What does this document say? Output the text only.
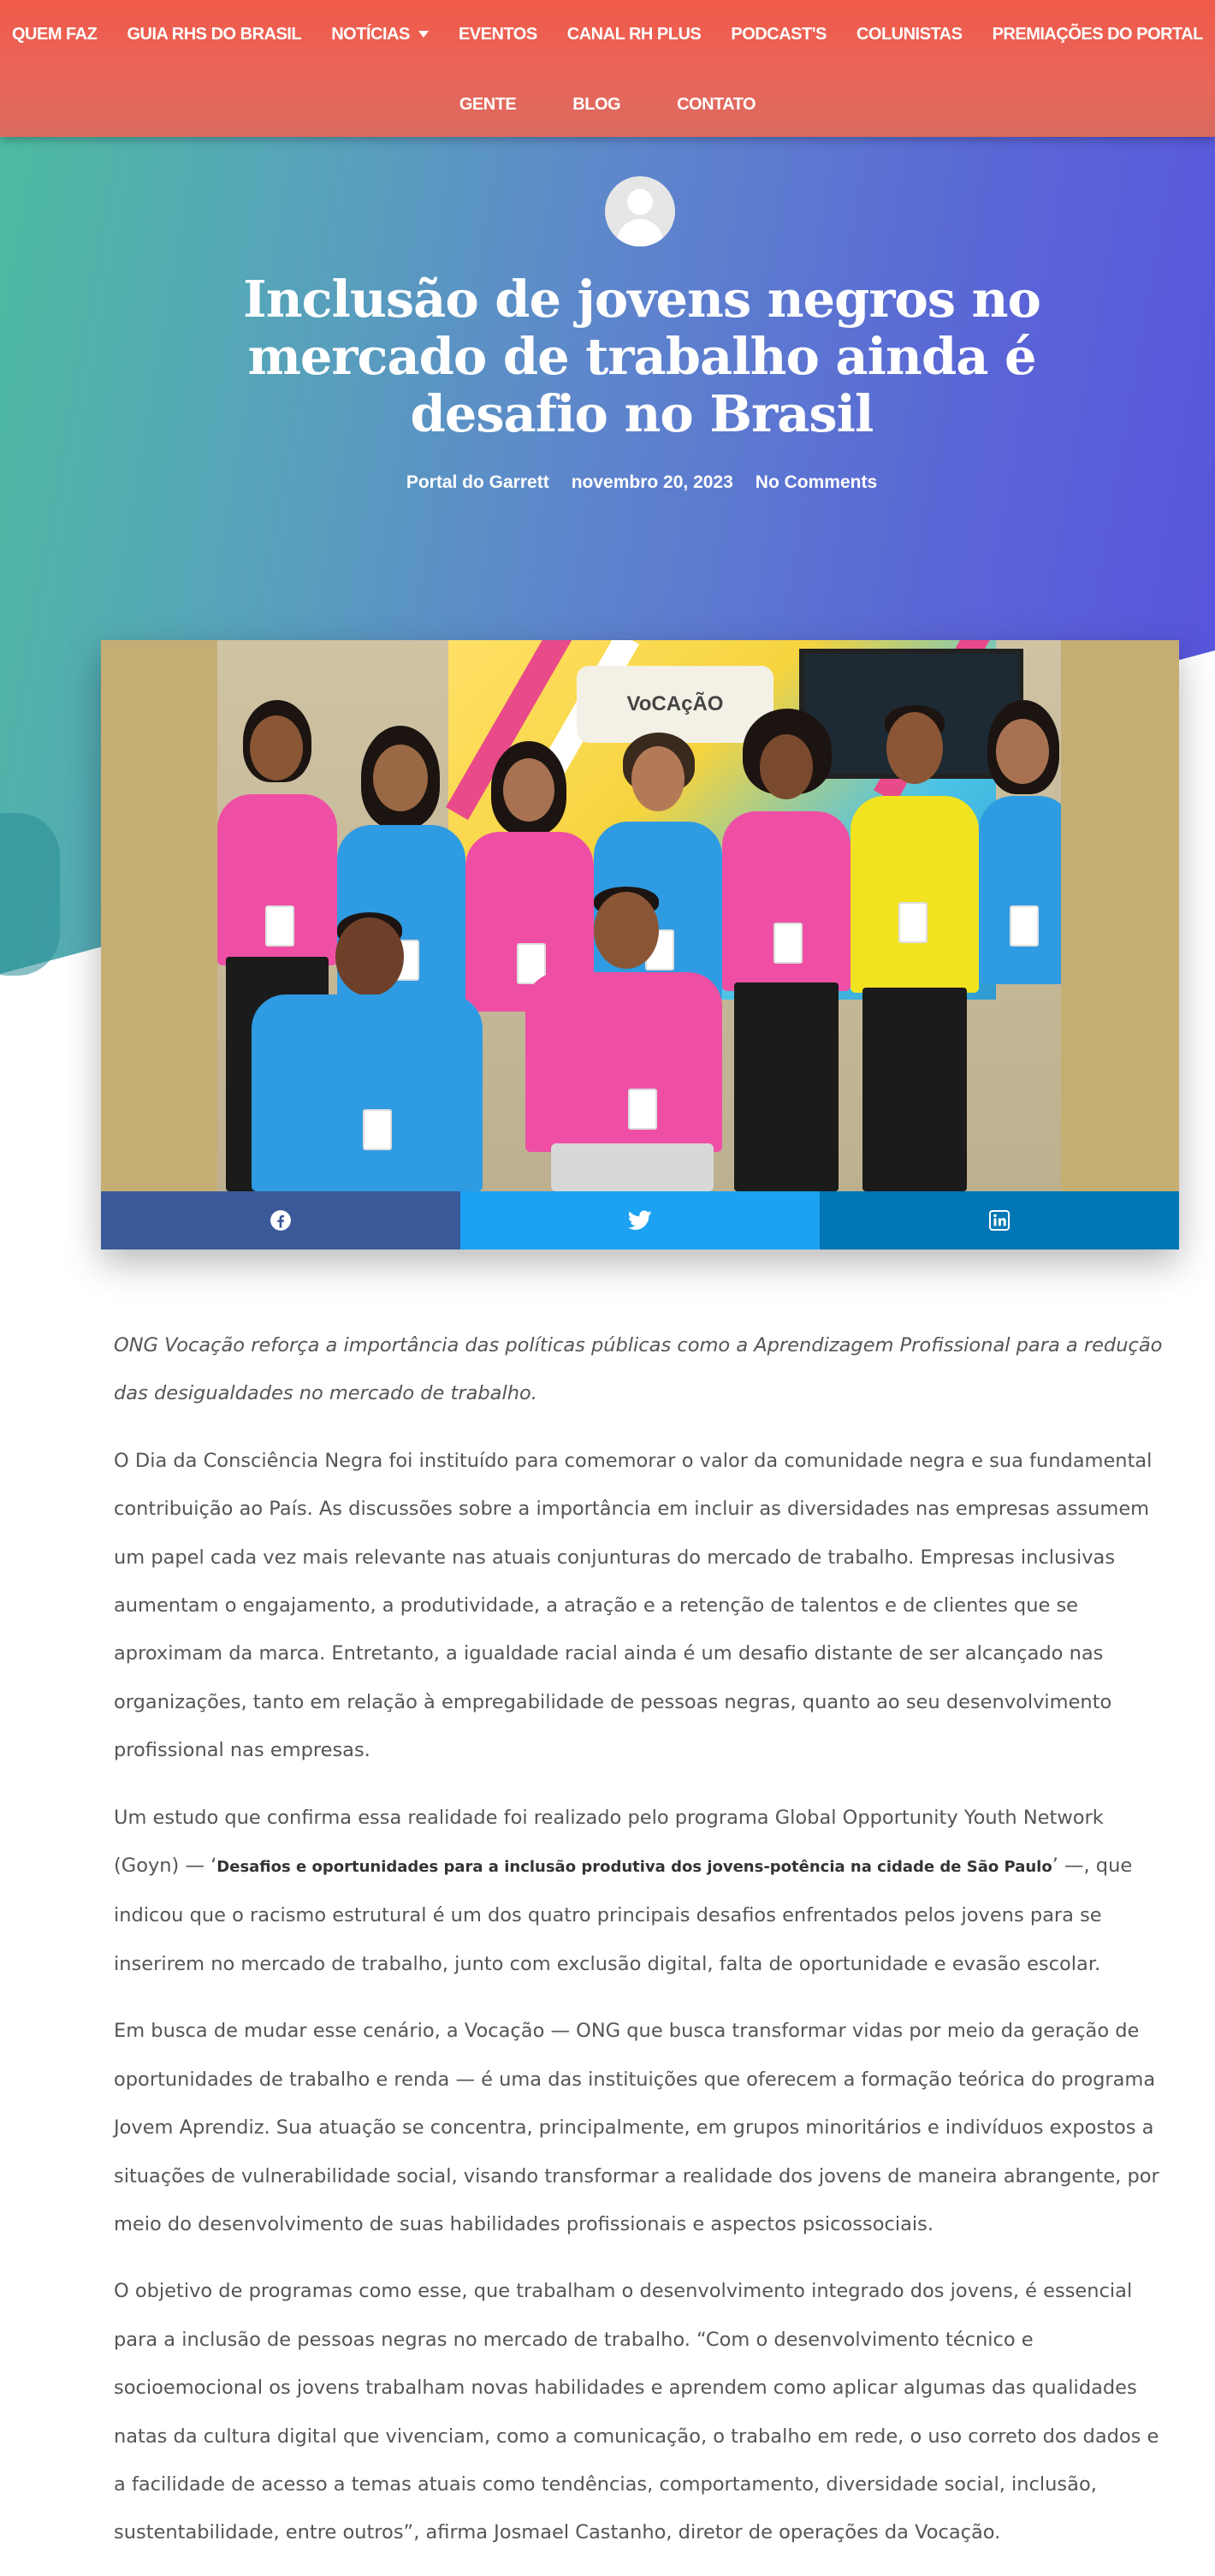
QUEM FAZ	GUIA RHS DO BRASIL	NOTÍCIAS	EVENTOS	CANAL RH PLUS	PODCAST'S	COLUNISTAS	PREMIAÇÕES DO PORTAL
GENTE	BLOG	CONTATO
Inclusão de jovens negros no mercado de trabalho ainda é desafio no Brasil
Portal do Garrett novembro 20, 2023 No Comments
VoCAçÃO

ONG Vocação reforça a importância das políticas públicas como a Aprendizagem Profissional para a redução das desigualdades no mercado de trabalho.

O Dia da Consciência Negra foi instituído para comemorar o valor da comunidade negra e sua fundamental contribuição ao País. As discussões sobre a importância em incluir as diversidades nas empresas assumem um papel cada vez mais relevante nas atuais conjunturas do mercado de trabalho. Empresas inclusivas aumentam o engajamento, a produtividade, a atração e a retenção de talentos e de clientes que se aproximam da marca. Entretanto, a igualdade racial ainda é um desafio distante de ser alcançado nas organizações, tanto em relação à empregabilidade de pessoas negras, quanto ao seu desenvolvimento profissional nas empresas.

Um estudo que confirma essa realidade foi realizado pelo programa Global Opportunity Youth Network (Goyn) — ‘Desafios e oportunidades para a inclusão produtiva dos jovens-potência na cidade de São Paulo’ —, que indicou que o racismo estrutural é um dos quatro principais desafios enfrentados pelos jovens para se inserirem no mercado de trabalho, junto com exclusão digital, falta de oportunidade e evasão escolar.

Em busca de mudar esse cenário, a Vocação — ONG que busca transformar vidas por meio da geração de oportunidades de trabalho e renda — é uma das instituições que oferecem a formação teórica do programa Jovem Aprendiz. Sua atuação se concentra, principalmente, em grupos minoritários e indivíduos expostos a situações de vulnerabilidade social, visando transformar a realidade dos jovens de maneira abrangente, por meio do desenvolvimento de suas habilidades profissionais e aspectos psicossociais.

O objetivo de programas como esse, que trabalham o desenvolvimento integrado dos jovens, é essencial para a inclusão de pessoas negras no mercado de trabalho. “Com o desenvolvimento técnico e socioemocional os jovens trabalham novas habilidades e aprendem como aplicar algumas das qualidades natas da cultura digital que vivenciam, como a comunicação, o trabalho em rede, o uso correto dos dados e a facilidade de acesso a temas atuais como tendências, comportamento, diversidade social, inclusão, sustentabilidade, entre outros”, afirma Josmael Castanho, diretor de operações da Vocação.
